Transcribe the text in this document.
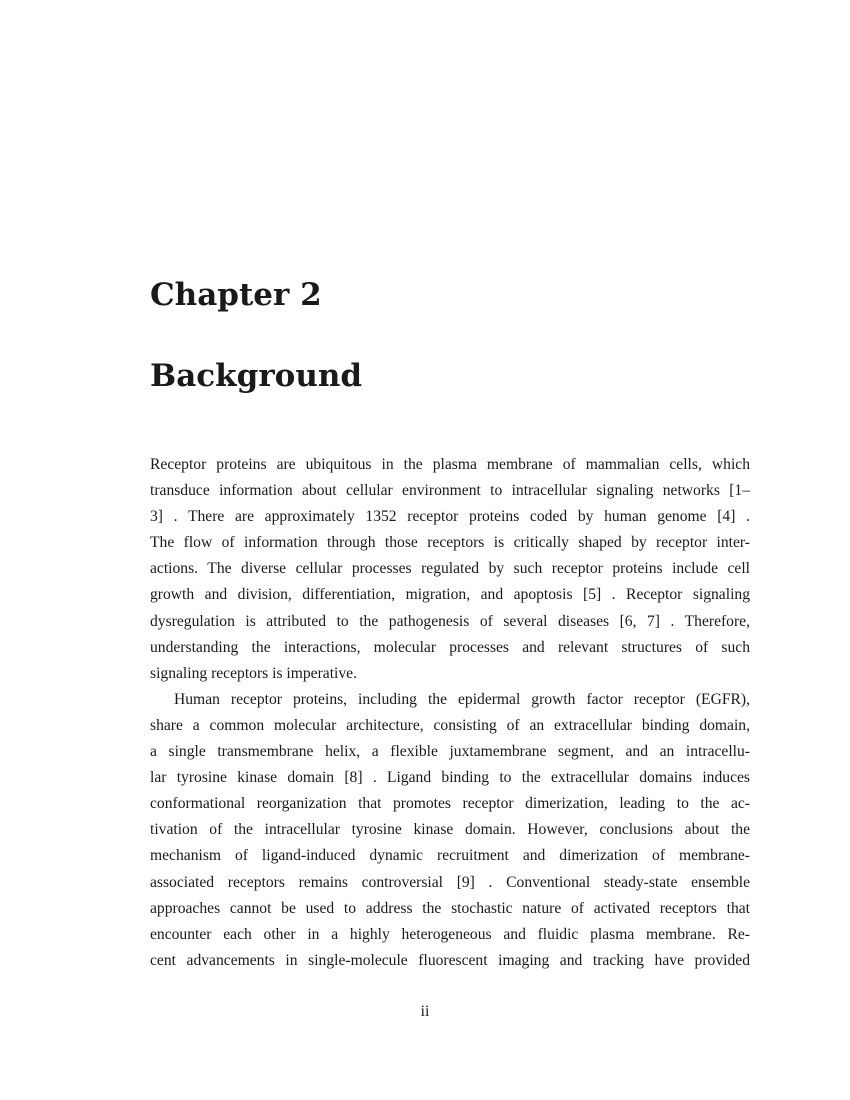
Chapter 2
Background
Receptor proteins are ubiquitous in the plasma membrane of mammalian cells, which
transduce information about cellular environment to intracellular signaling networks [1–
3] . There are approximately 1352 receptor proteins coded by human genome [4] .
The flow of information through those receptors is critically shaped by receptor inter-
actions. The diverse cellular processes regulated by such receptor proteins include cell
growth and division, differentiation, migration, and apoptosis [5] . Receptor signaling
dysregulation is attributed to the pathogenesis of several diseases [6, 7] . Therefore,
understanding the interactions, molecular processes and relevant structures of such
signaling receptors is imperative.
Human receptor proteins, including the epidermal growth factor receptor (EGFR),
share a common molecular architecture, consisting of an extracellular binding domain,
a single transmembrane helix, a flexible juxtamembrane segment, and an intracellu-
lar tyrosine kinase domain [8] . Ligand binding to the extracellular domains induces
conformational reorganization that promotes receptor dimerization, leading to the ac-
tivation of the intracellular tyrosine kinase domain. However, conclusions about the
mechanism of ligand-induced dynamic recruitment and dimerization of membrane-
associated receptors remains controversial [9] . Conventional steady-state ensemble
approaches cannot be used to address the stochastic nature of activated receptors that
encounter each other in a highly heterogeneous and fluidic plasma membrane. Re-
cent advancements in single-molecule fluorescent imaging and tracking have provided
ii
